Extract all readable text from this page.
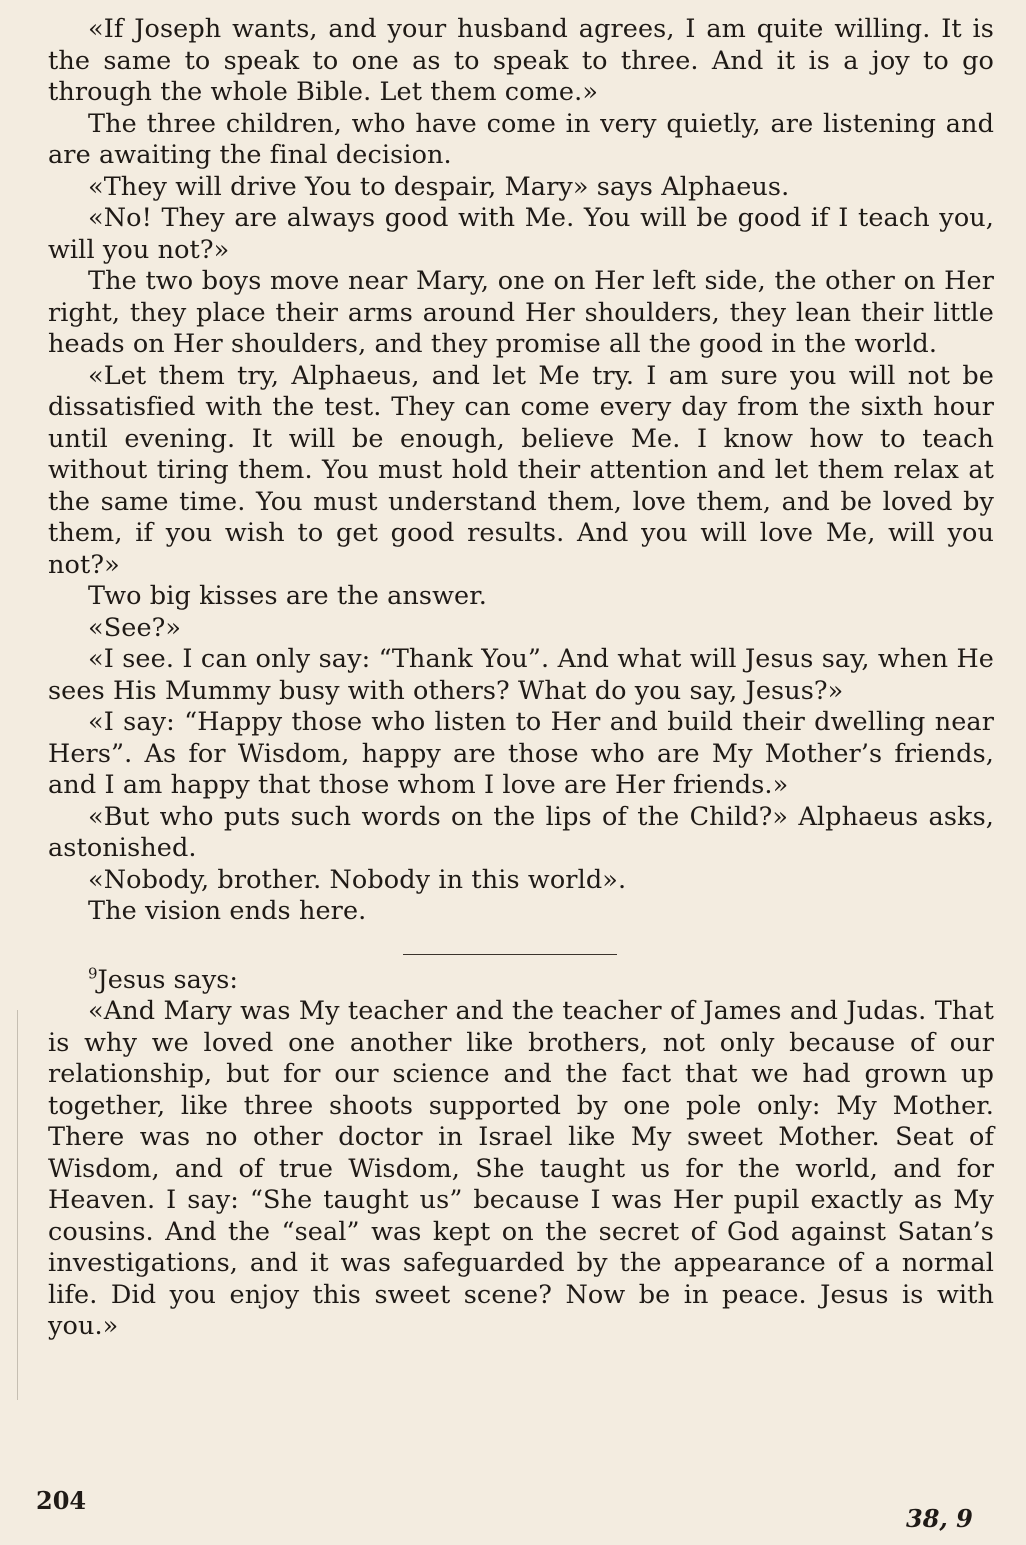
«If Joseph wants, and your husband agrees, I am quite willing. It is the same to speak to one as to speak to three. And it is a joy to go through the whole Bible. Let them come.»

The three children, who have come in very quietly, are listening and are awaiting the final decision.

«They will drive You to despair, Mary» says Alphaeus.

«No! They are always good with Me. You will be good if I teach you, will you not?»

The two boys move near Mary, one on Her left side, the other on Her right, they place their arms around Her shoulders, they lean their little heads on Her shoulders, and they promise all the good in the world.

«Let them try, Alphaeus, and let Me try. I am sure you will not be dissatisfied with the test. They can come every day from the sixth hour until evening. It will be enough, believe Me. I know how to teach without tiring them. You must hold their attention and let them relax at the same time. You must understand them, love them, and be loved by them, if you wish to get good results. And you will love Me, will you not?»

Two big kisses are the answer.

«See?»

«I see. I can only say: “Thank You”. And what will Jesus say, when He sees His Mummy busy with others? What do you say, Jesus?»

«I say: “Happy those who listen to Her and build their dwelling near Hers”. As for Wisdom, happy are those who are My Mother’s friends, and I am happy that those whom I love are Her friends.»

«But who puts such words on the lips of the Child?» Alphaeus asks, astonished.

«Nobody, brother. Nobody in this world».

The vision ends here.

$^9$Jesus says:

«And Mary was My teacher and the teacher of James and Judas. That is why we loved one another like brothers, not only because of our relationship, but for our science and the fact that we had grown up together, like three shoots supported by one pole only: My Mother. There was no other doctor in Israel like My sweet Mother. Seat of Wisdom, and of true Wisdom, She taught us for the world, and for Heaven. I say: “She taught us” because I was Her pupil exactly as My cousins. And the “seal” was kept on the secret of God against Satan’s investigations, and it was safeguarded by the appearance of a normal life. Did you enjoy this sweet scene? Now be in peace. Jesus is with you.»

204
38, 9
